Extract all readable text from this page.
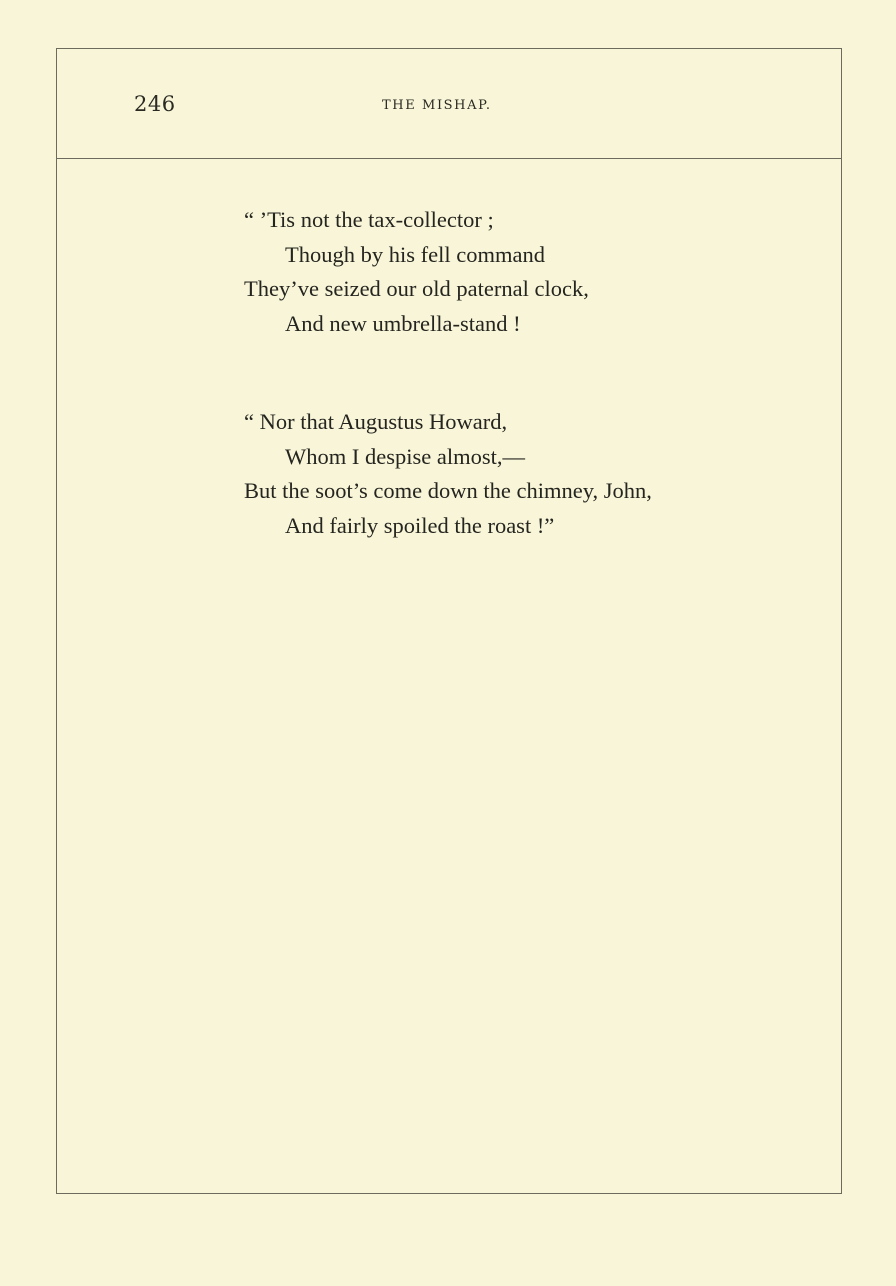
246	THE MISHAP.
“ ’Tis not the tax-collector ;
Though by his fell command
They’ve seized our old paternal clock,
And new umbrella-stand !
“ Nor that Augustus Howard,
Whom I despise almost,—
But the soot’s come down the chimney, John,
And fairly spoiled the roast !”
